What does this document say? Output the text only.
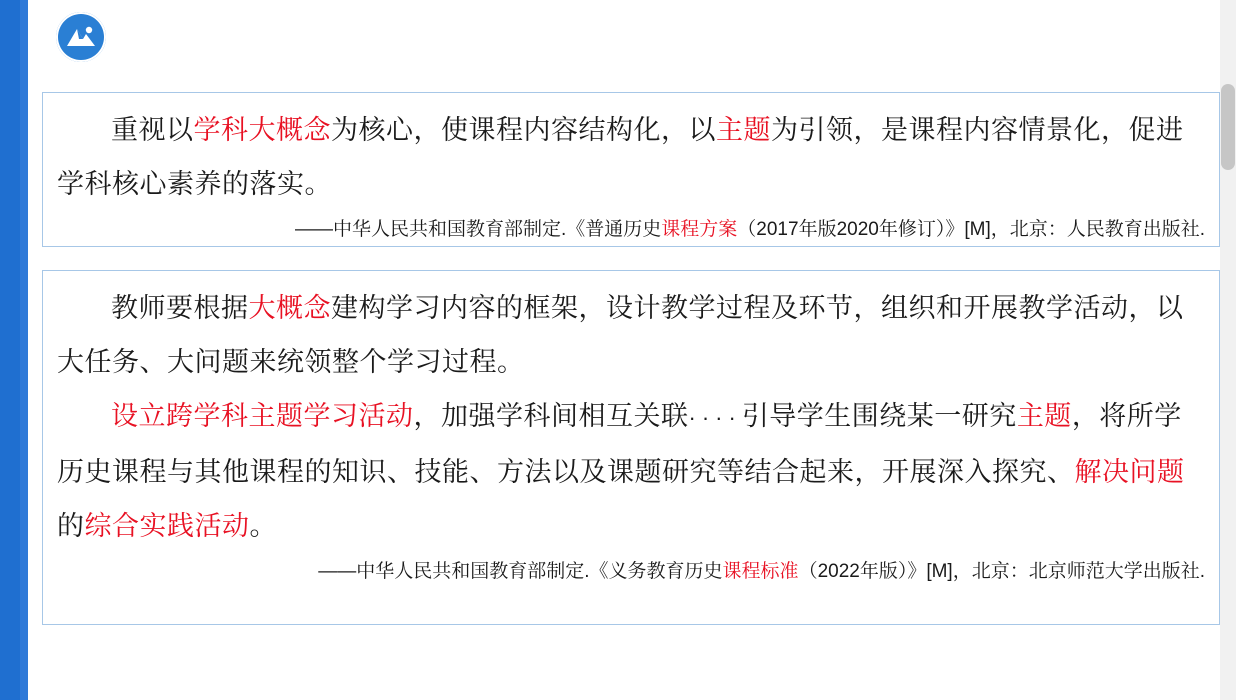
重视以学科大概念为核心，使课程内容结构化，以主题为引领，是课程内容情景化，促进学科核心素养的落实。

——中华人民共和国教育部制定.《普通历史课程方案（2017年版2020年修订）》[M]，北京：人民教育出版社.

教师要根据大概念建构学习内容的框架，设计教学过程及环节，组织和开展教学活动，以大任务、大问题来统领整个学习过程。

设立跨学科主题学习活动，加强学科间相互关联····引导学生围绕某一研究主题，将所学历史课程与其他课程的知识、技能、方法以及课题研究等结合起来，开展深入探究、解决问题的综合实践活动。

——中华人民共和国教育部制定.《义务教育历史课程标准（2022年版）》[M]，北京：北京师范大学出版社.
